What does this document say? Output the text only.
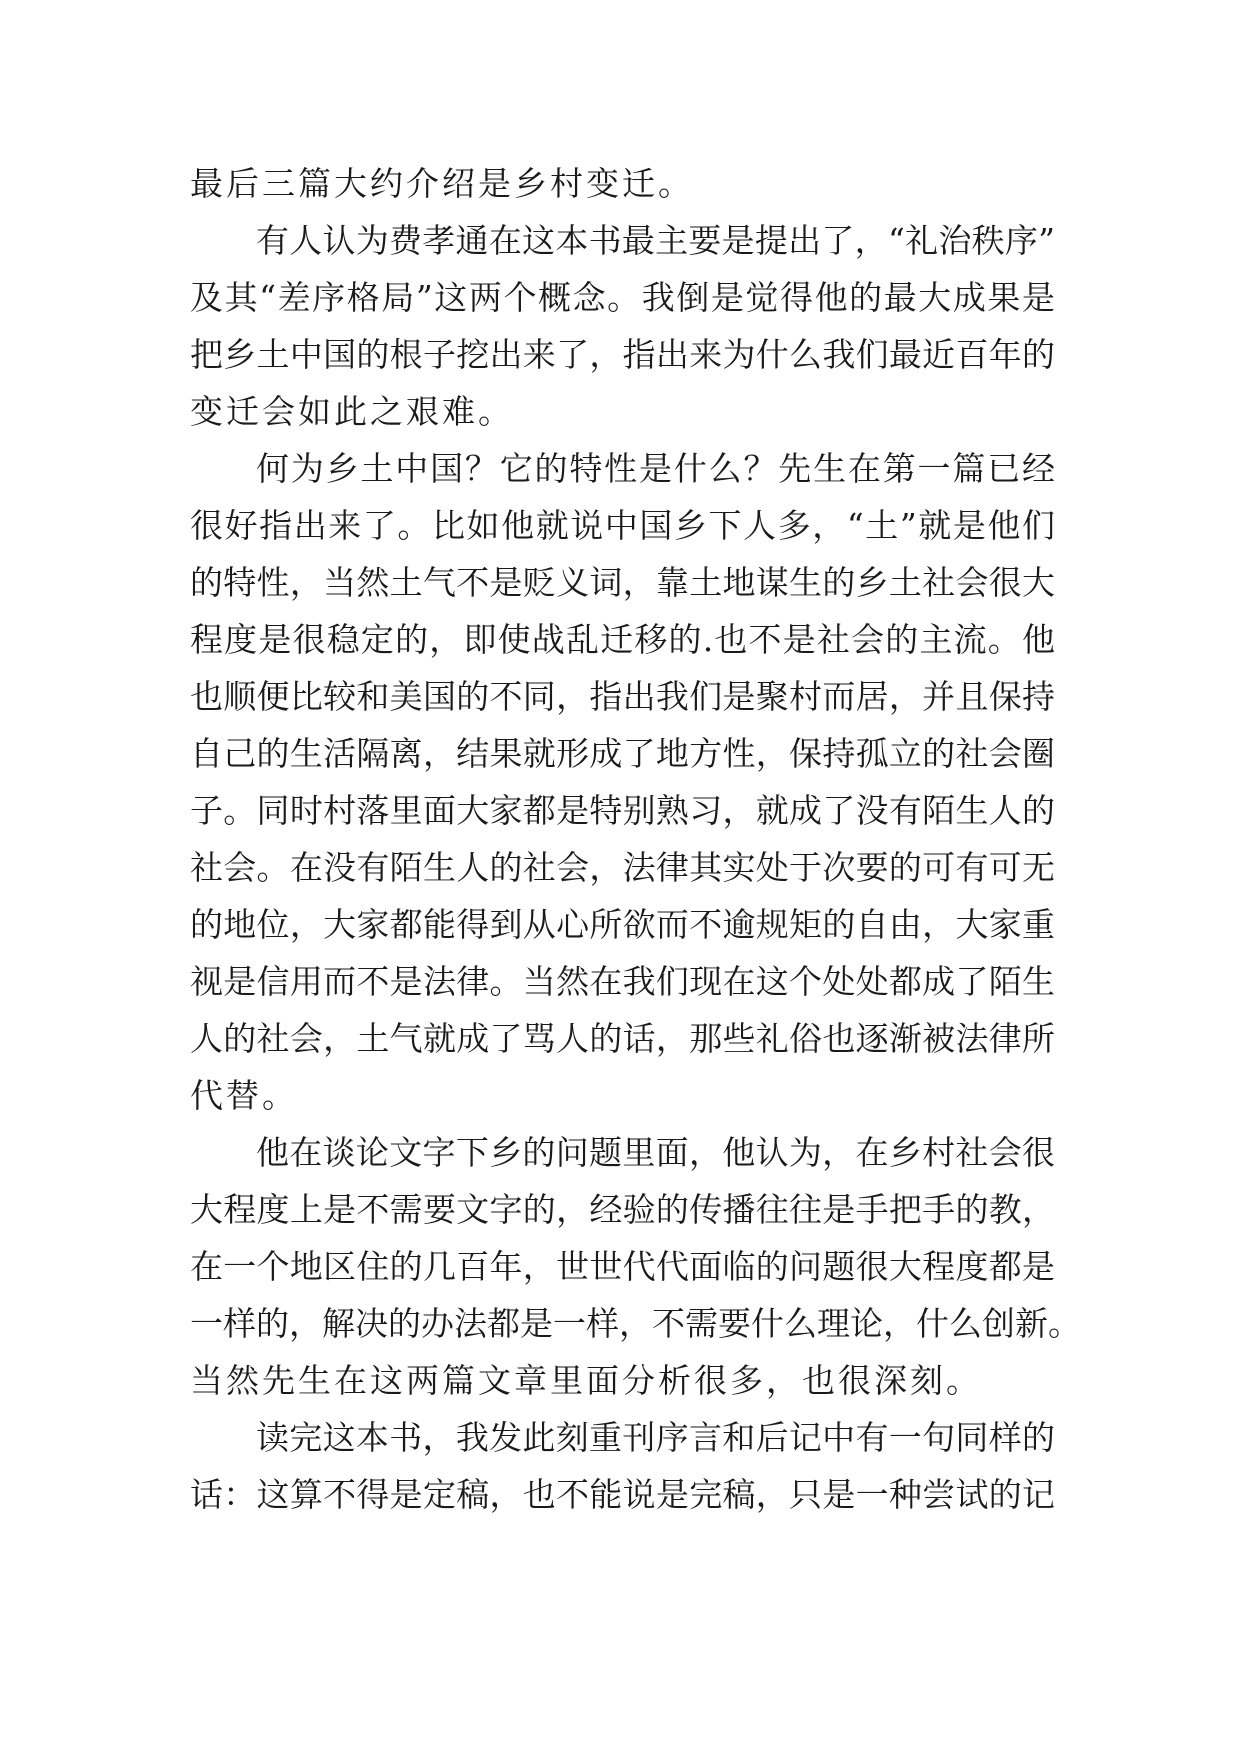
最后三篇大约介绍是乡村变迁。
有人认为费孝通在这本书最主要是提出了，“礼治秩序”
及其“差序格局”这两个概念。我倒是觉得他的最大成果是
把乡土中国的根子挖出来了，指出来为什么我们最近百年的
变迁会如此之艰难。
何为乡土中国？它的特性是什么？先生在第一篇已经
很好指出来了。比如他就说中国乡下人多，“土”就是他们
的特性，当然土气不是贬义词，靠土地谋生的乡土社会很大
程度是很稳定的，即使战乱迁移的.也不是社会的主流。他
也顺便比较和美国的不同，指出我们是聚村而居，并且保持
自己的生活隔离，结果就形成了地方性，保持孤立的社会圈
子。同时村落里面大家都是特别熟习，就成了没有陌生人的
社会。在没有陌生人的社会，法律其实处于次要的可有可无
的地位，大家都能得到从心所欲而不逾规矩的自由，大家重
视是信用而不是法律。当然在我们现在这个处处都成了陌生
人的社会，土气就成了骂人的话，那些礼俗也逐渐被法律所
代替。
他在谈论文字下乡的问题里面，他认为，在乡村社会很
大程度上是不需要文字的，经验的传播往往是手把手的教，
在一个地区住的几百年，世世代代面临的问题很大程度都是
一样的，解决的办法都是一样，不需要什么理论，什么创新。
当然先生在这两篇文章里面分析很多，也很深刻。
读完这本书，我发此刻重刊序言和后记中有一句同样的
话：这算不得是定稿，也不能说是完稿，只是一种尝试的记
